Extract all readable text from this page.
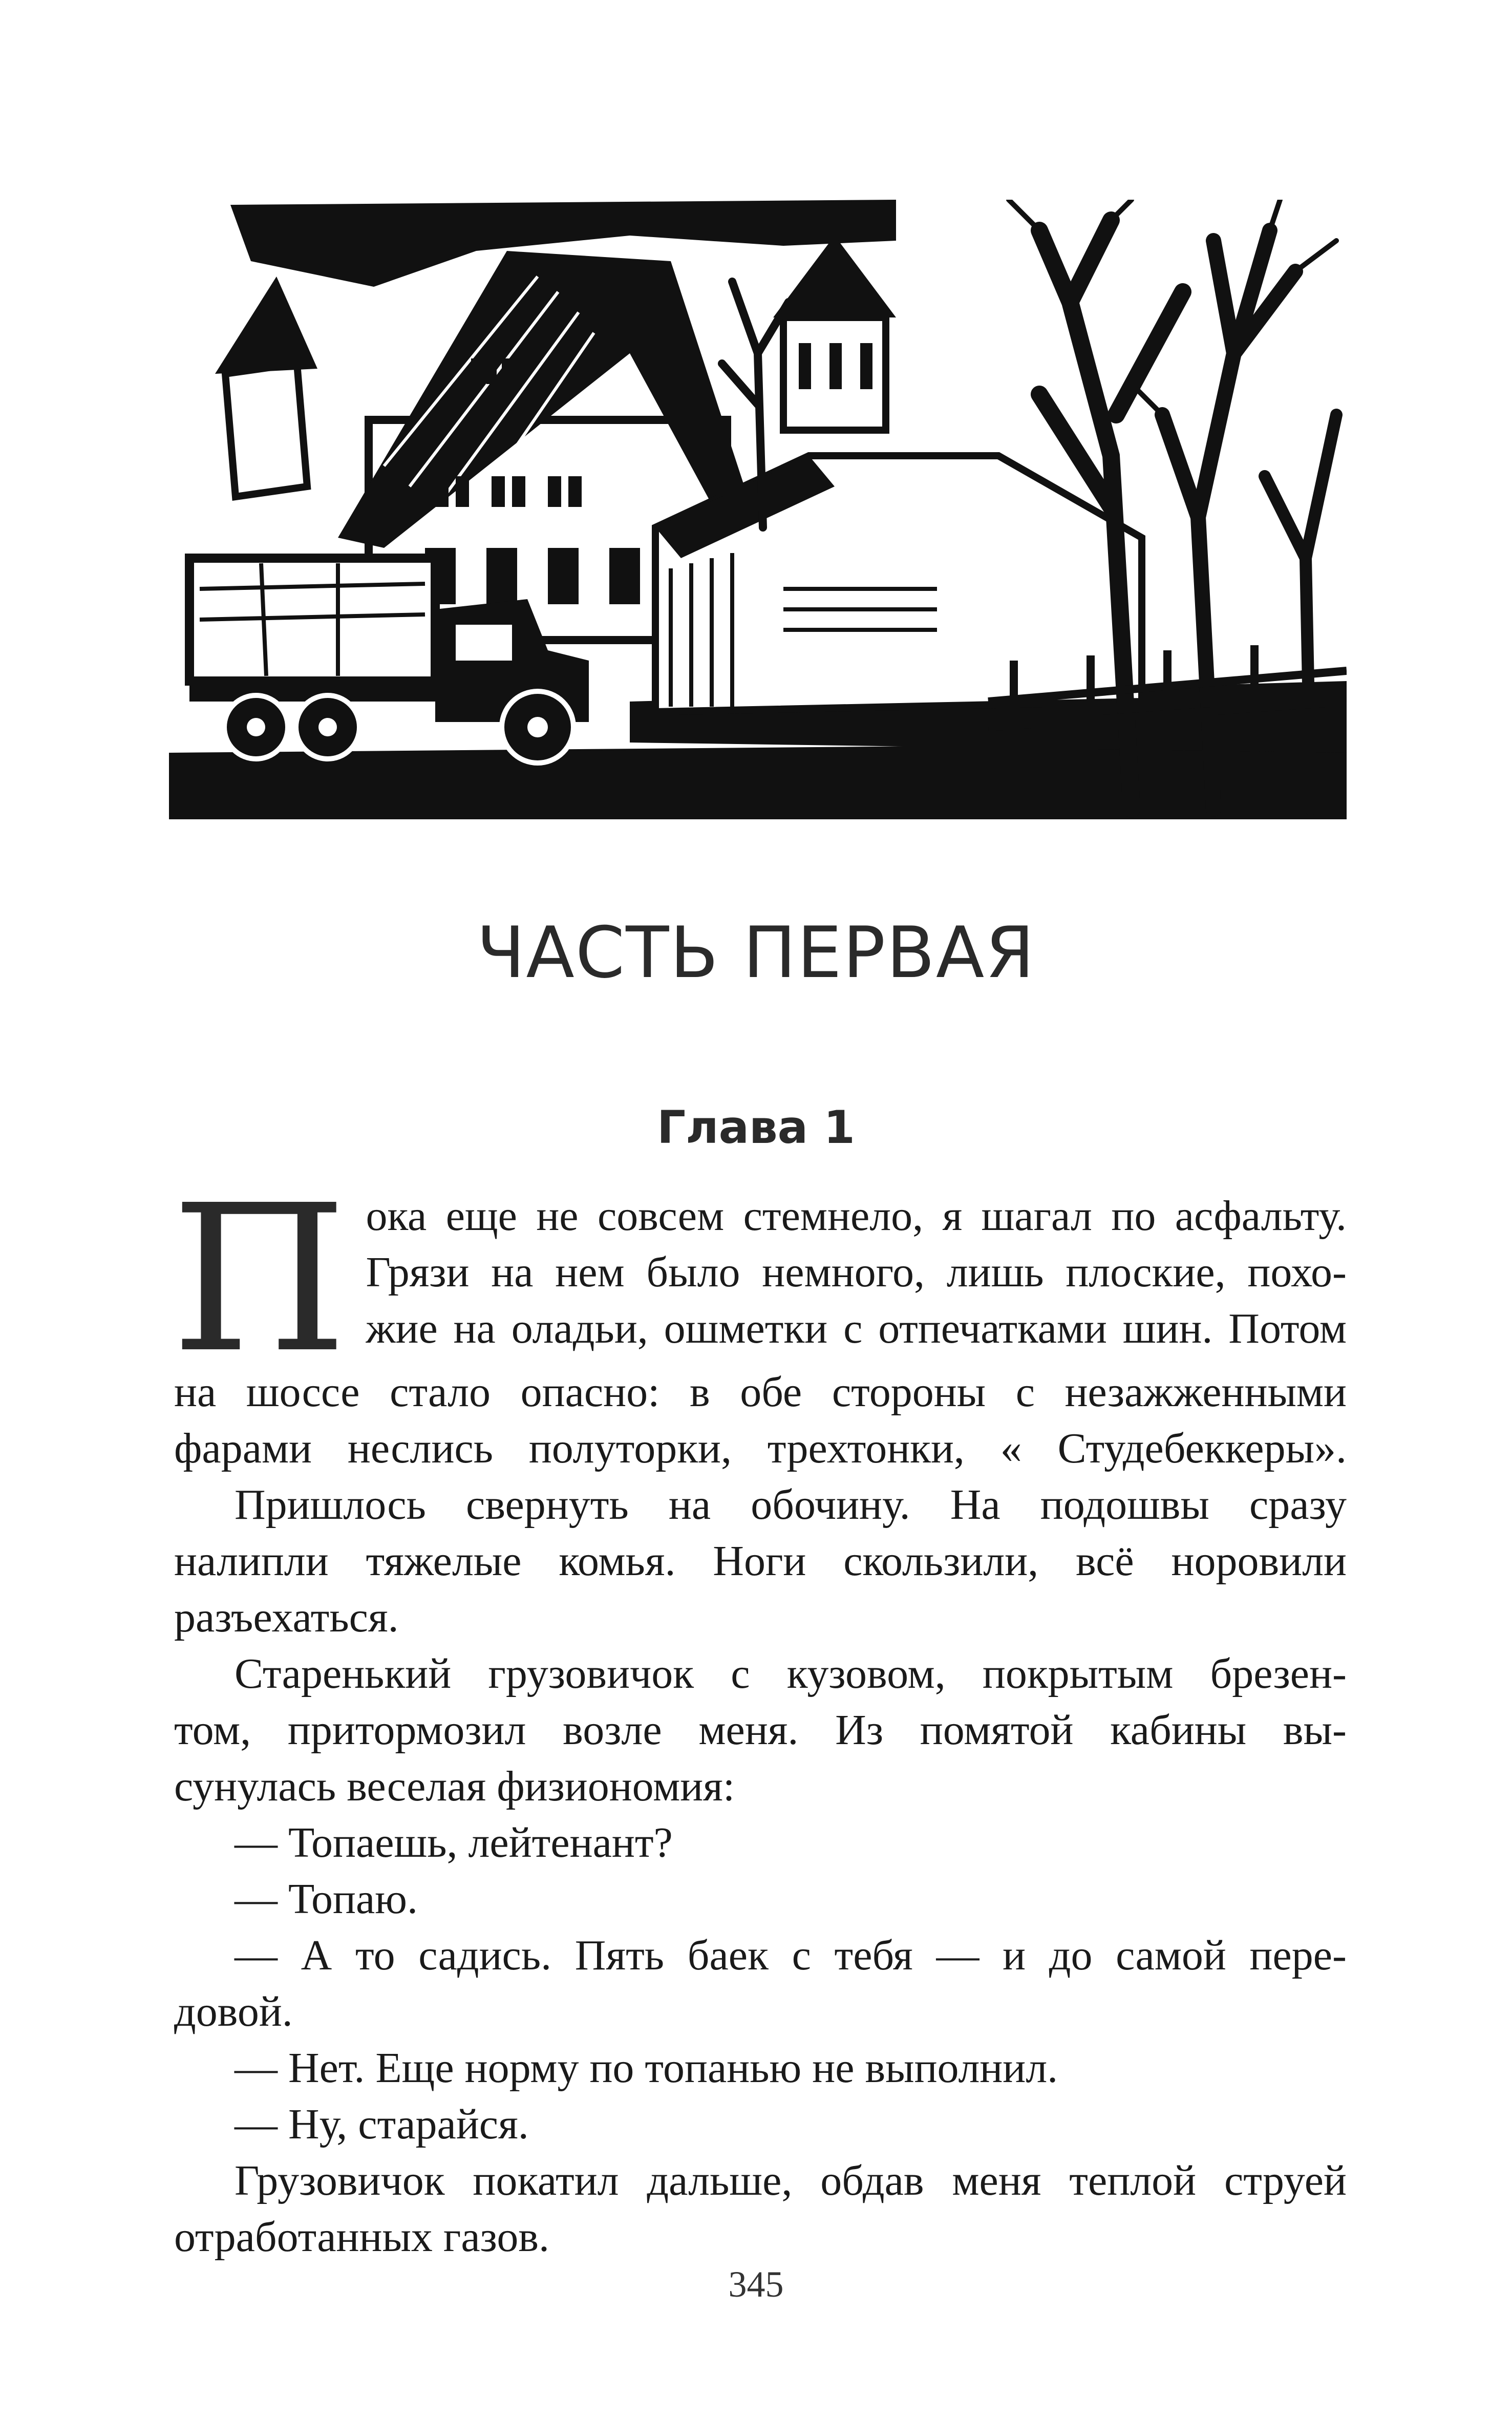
ЧАСТЬ ПЕРВАЯ
Глава 1
П ока еще не совсем стемнело, я шагал по асфальту.
Грязи на нем было немного, лишь плоские, похо-
жие на оладьи, ошметки с отпечатками шин. Потом
на шоссе стало опасно: в обе стороны с незажженными
фарами неслись полуторки, трехтонки, « Студебеккеры».
Пришлось свернуть на обочину. На подошвы сразу
налипли тяжелые комья. Ноги скользили, всё норовили
разъехаться.
Старенький грузовичок с кузовом, покрытым брезен-
том, притормозил возле меня. Из помятой кабины вы-
сунулась веселая физиономия:
— Топаешь, лейтенант?
— Топаю.
— А то садись. Пять баек с тебя — и до самой пере-
довой.
— Нет. Еще норму по топанью не выполнил.
— Ну, старайся.
Грузовичок покатил дальше, обдав меня теплой струей
отработанных газов.
345
